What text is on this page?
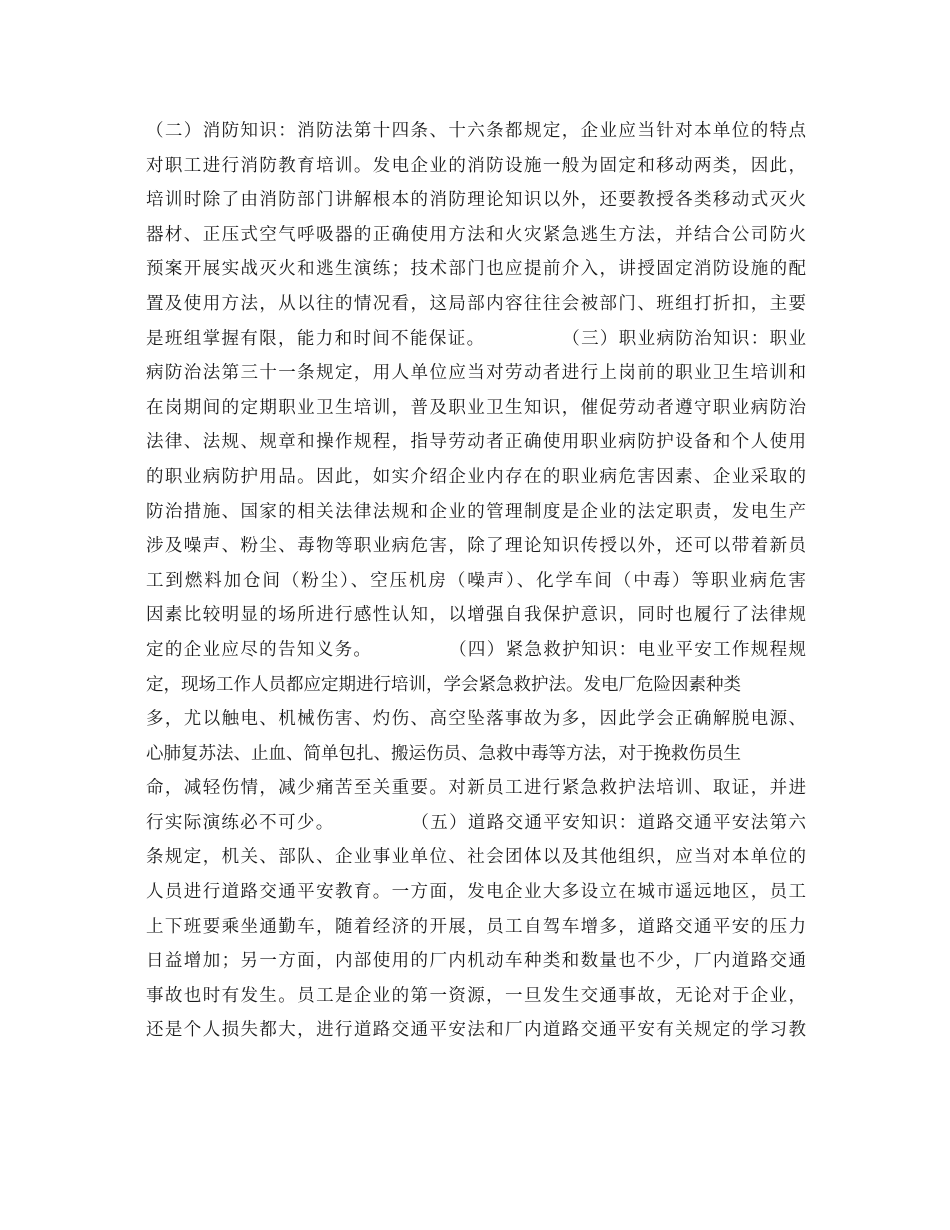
（二）消防知识：消防法第十四条、十六条都规定，企业应当针对本单位的特点
对职工进行消防教育培训。发电企业的消防设施一般为固定和移动两类，因此，
培训时除了由消防部门讲解根本的消防理论知识以外，还要教授各类移动式灭火
器材、正压式空气呼吸器的正确使用方法和火灾紧急逃生方法，并结合公司防火
预案开展实战灭火和逃生演练；技术部门也应提前介入，讲授固定消防设施的配
置及使用方法，从以往的情况看，这局部内容往往会被部门、班组打折扣，主要
是班组掌握有限，能力和时间不能保证。　　　　　（三）职业病防治知识：职业
病防治法第三十一条规定，用人单位应当对劳动者进行上岗前的职业卫生培训和
在岗期间的定期职业卫生培训，普及职业卫生知识，催促劳动者遵守职业病防治
法律、法规、规章和操作规程，指导劳动者正确使用职业病防护设备和个人使用
的职业病防护用品。因此，如实介绍企业内存在的职业病危害因素、企业采取的
防治措施、国家的相关法律法规和企业的管理制度是企业的法定职责，发电生产
涉及噪声、粉尘、毒物等职业病危害，除了理论知识传授以外，还可以带着新员
工到燃料加仓间（粉尘）、空压机房（噪声）、化学车间（中毒）等职业病危害
因素比较明显的场所进行感性认知，以增强自我保护意识，同时也履行了法律规
定的企业应尽的告知义务。　　　　　（四）紧急救护知识：电业平安工作规程规
定，现场工作人员都应定期进行培训，学会紧急救护法。发电厂危险因素种类
多，尤以触电、机械伤害、灼伤、高空坠落事故为多，因此学会正确解脱电源、
心肺复苏法、止血、简单包扎、搬运伤员、急救中毒等方法，对于挽救伤员生
命，减轻伤情，减少痛苦至关重要。对新员工进行紧急救护法培训、取证，并进
行实际演练必不可少。　　　　　（五）道路交通平安知识：道路交通平安法第六
条规定，机关、部队、企业事业单位、社会团体以及其他组织，应当对本单位的
人员进行道路交通平安教育。一方面，发电企业大多设立在城市遥远地区，员工
上下班要乘坐通勤车，随着经济的开展，员工自驾车增多，道路交通平安的压力
日益增加；另一方面，内部使用的厂内机动车种类和数量也不少，厂内道路交通
事故也时有发生。员工是企业的第一资源，一旦发生交通事故，无论对于企业，
还是个人损失都大，进行道路交通平安法和厂内道路交通平安有关规定的学习教
